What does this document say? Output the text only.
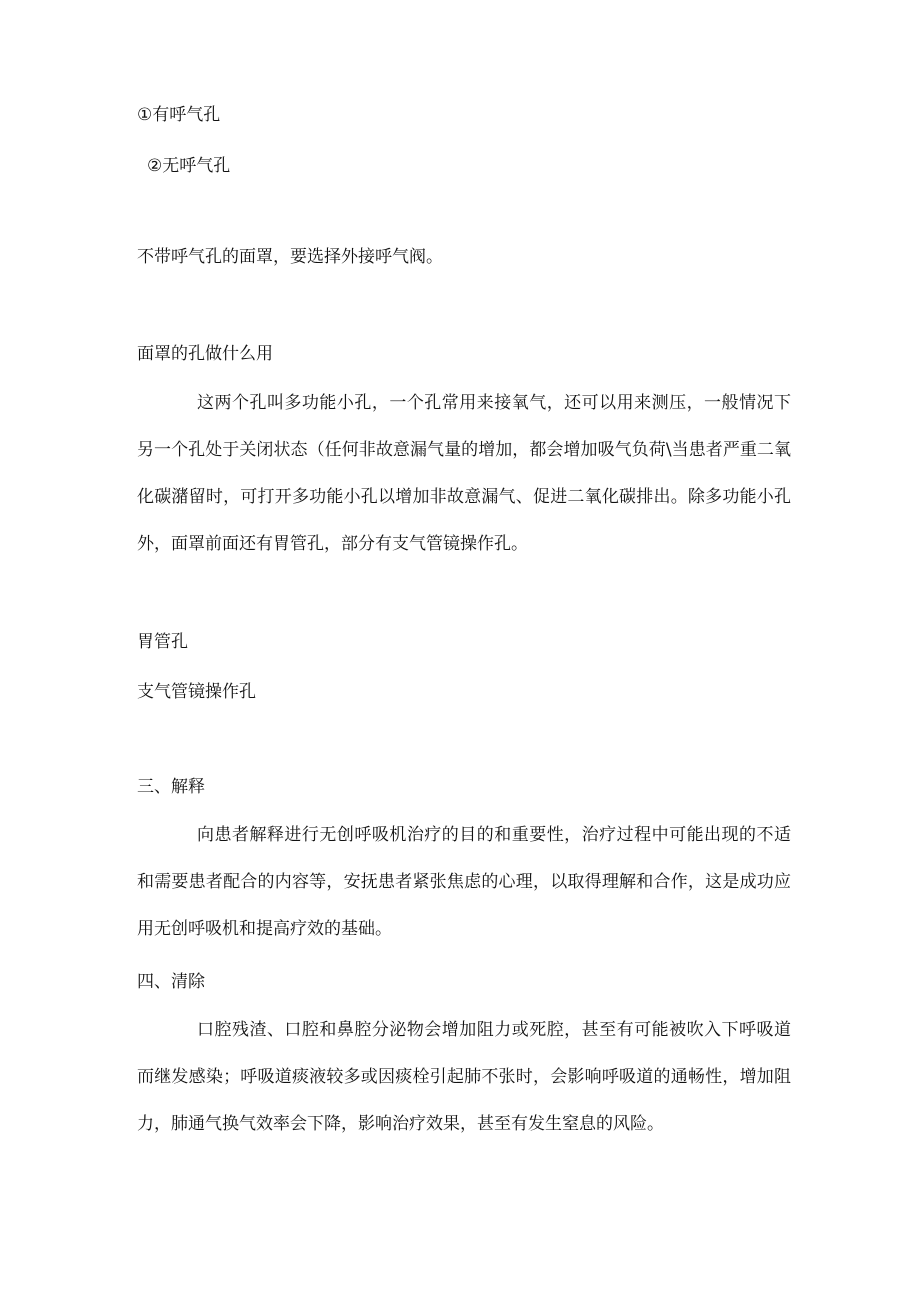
①有呼气孔

②无呼气孔

不带呼气孔的面罩，要选择外接呼气阀。

面罩的孔做什么用

这两个孔叫多功能小孔，一个孔常用来接氧气，还可以用来测压，一般情况下另一个孔处于关闭状态（任何非故意漏气量的增加，都会增加吸气负荷\当患者严重二氧化碳潴留时，可打开多功能小孔以增加非故意漏气、促进二氧化碳排出。除多功能小孔外，面罩前面还有胃管孔，部分有支气管镜操作孔。

胃管孔

支气管镜操作孔

三、解释

向患者解释进行无创呼吸机治疗的目的和重要性，治疗过程中可能出现的不适和需要患者配合的内容等，安抚患者紧张焦虑的心理，以取得理解和合作，这是成功应用无创呼吸机和提高疗效的基础。

四、清除

口腔残渣、口腔和鼻腔分泌物会增加阻力或死腔，甚至有可能被吹入下呼吸道而继发感染；呼吸道痰液较多或因痰栓引起肺不张时，会影响呼吸道的通畅性，增加阻力，肺通气换气效率会下降，影响治疗效果，甚至有发生窒息的风险。
